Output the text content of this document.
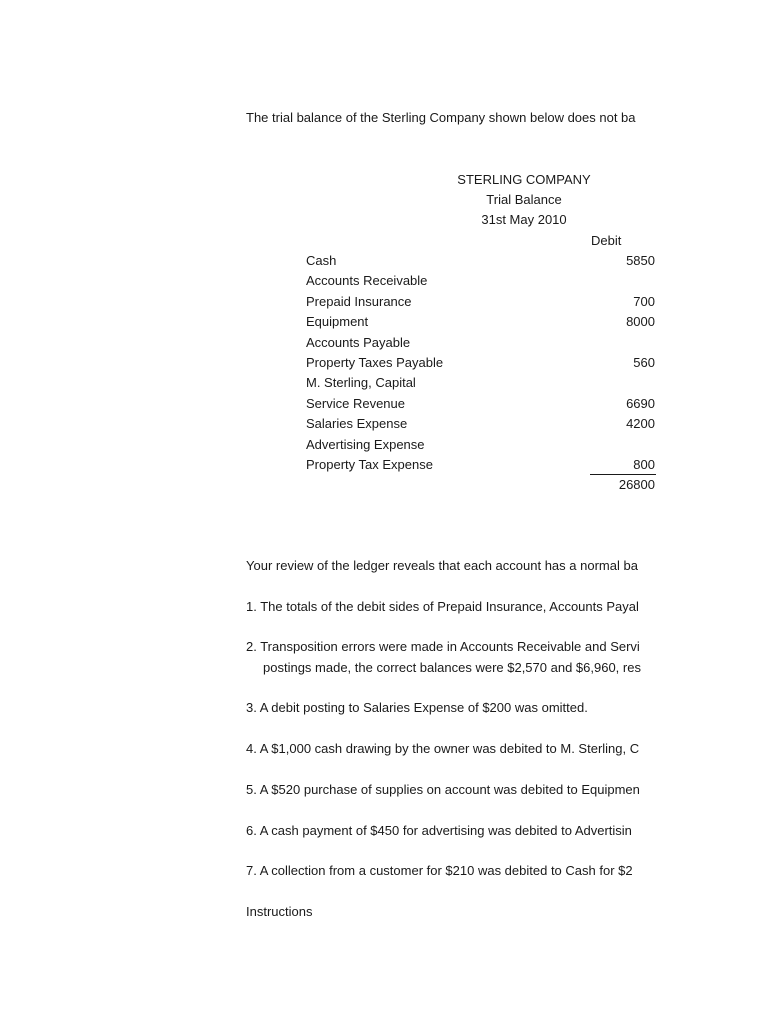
The trial balance of the Sterling Company shown below does not ba
STERLING COMPANY
Trial Balance
31st May 2010
Debit
Cash	5850
Accounts Receivable
Prepaid Insurance	700
Equipment	8000
Accounts Payable
Property Taxes Payable	560
M. Sterling, Capital
Service Revenue	6690
Salaries Expense	4200
Advertising Expense
Property Tax Expense	800
26800
Your review of the ledger reveals that each account has a normal ba
1. The totals of the debit sides of Prepaid Insurance, Accounts Payal
2. Transposition errors were made in Accounts Receivable and Servi
postings made, the correct balances were $2,570 and $6,960, res
3. A debit posting to Salaries Expense of $200 was omitted.
4. A $1,000 cash drawing by the owner was debited to M. Sterling, C
5. A $520 purchase of supplies on account was debited to Equipmen
6. A cash payment of $450 for advertising was debited to Advertisin
7. A collection from a customer for $210 was debited to Cash for $2
Instructions
